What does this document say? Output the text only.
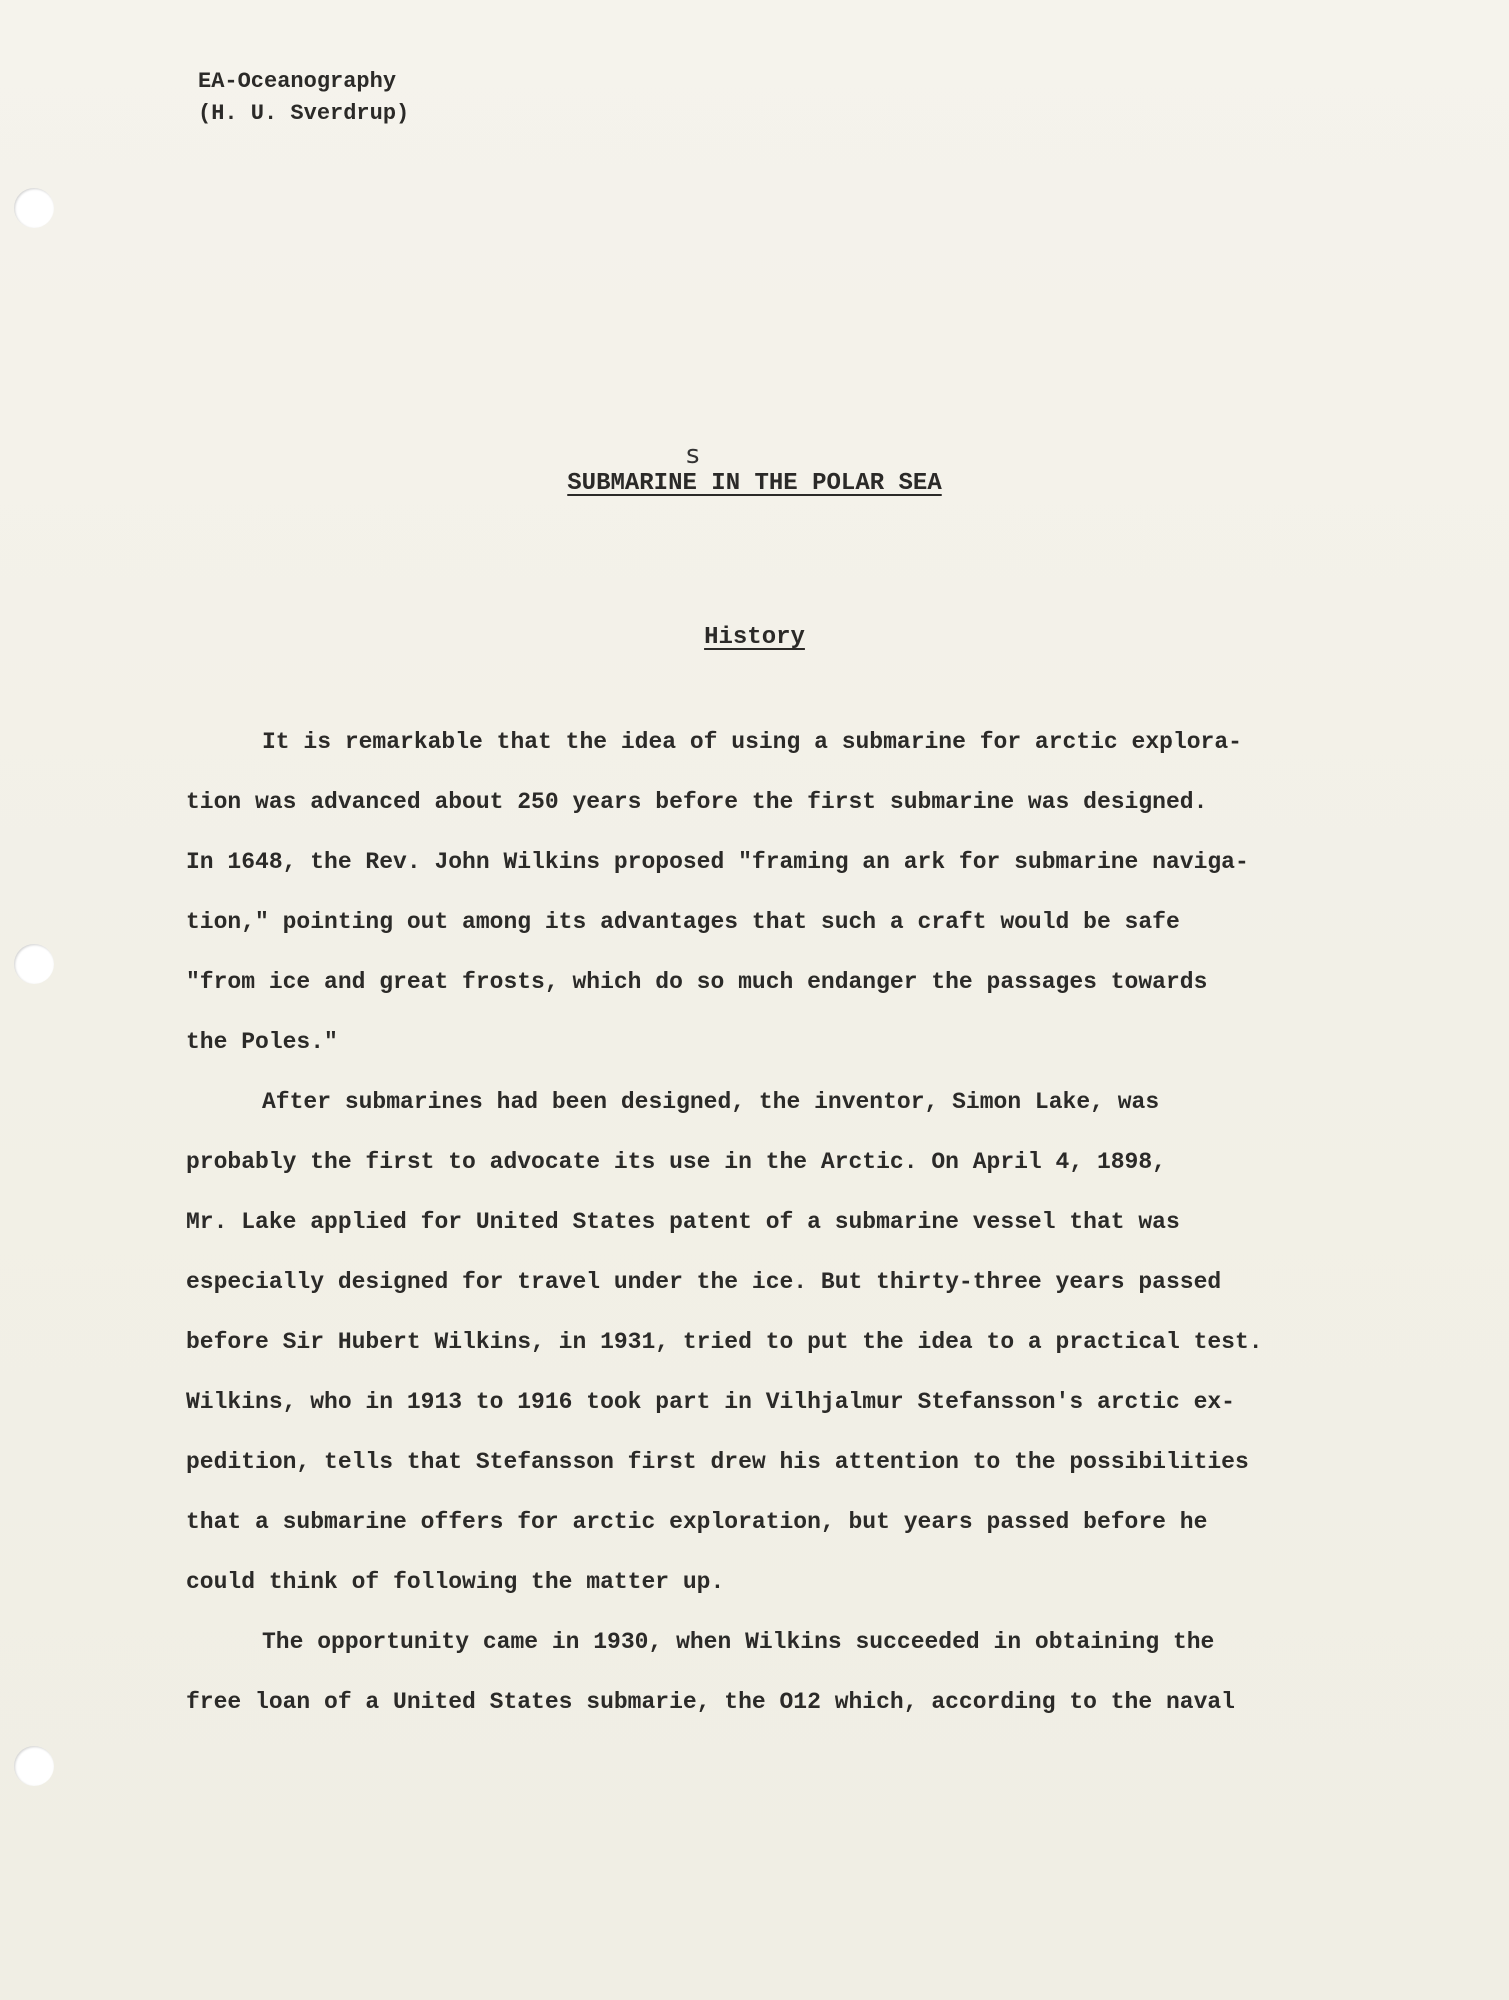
EA-Oceanography
(H. U. Sverdrup)
s
SUBMARINE IN THE POLAR SEA
History
It is remarkable that the idea of using a submarine for arctic explora-
tion was advanced about 250 years before the first submarine was designed.
In 1648, the Rev. John Wilkins proposed "framing an ark for submarine naviga-
tion," pointing out among its advantages that such a craft would be safe
"from ice and great frosts, which do so much endanger the passages towards
the Poles."
After submarines had been designed, the inventor, Simon Lake, was
probably the first to advocate its use in the Arctic. On April 4, 1898,
Mr. Lake applied for United States patent of a submarine vessel that was
especially designed for travel under the ice. But thirty-three years passed
before Sir Hubert Wilkins, in 1931, tried to put the idea to a practical test.
Wilkins, who in 1913 to 1916 took part in Vilhjalmur Stefansson's arctic ex-
pedition, tells that Stefansson first drew his attention to the possibilities
that a submarine offers for arctic exploration, but years passed before he
could think of following the matter up.
The opportunity came in 1930, when Wilkins succeeded in obtaining the
free loan of a United States submarie, the O12 which, according to the naval
